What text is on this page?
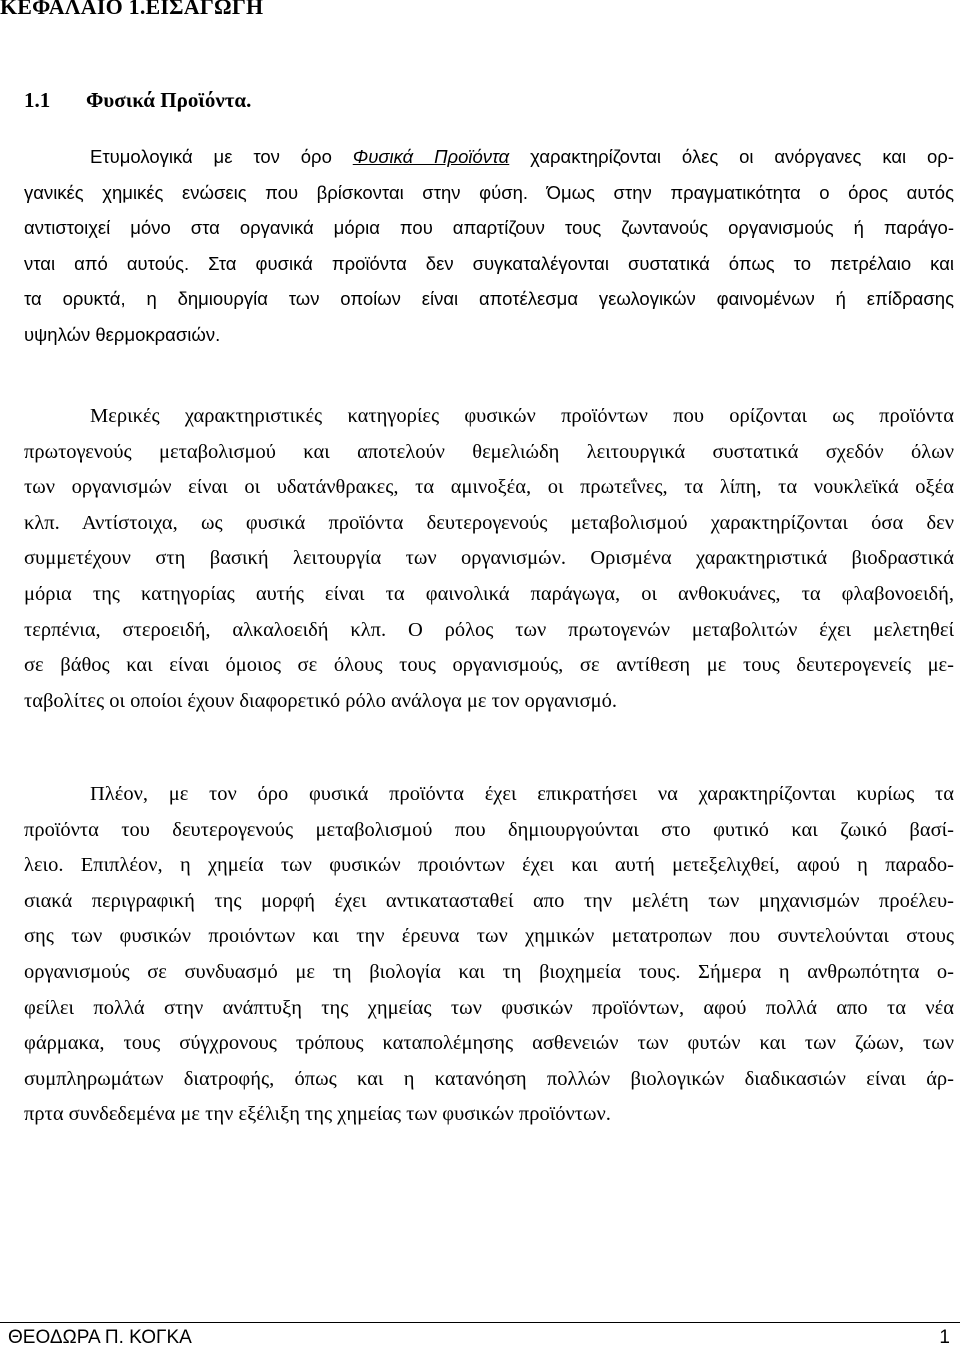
ΚΕΦΑΛΑΙΟ 1.ΕΙΣΑΓΩΓΗ
1.1 Φυσικά Προϊόντα.
Ετυμολογικά με τον όρο Φυσικά Προϊόντα χαρακτηρίζονται όλες οι ανόργανες και ορ-
γανικές χημικές ενώσεις που βρίσκονται στην φύση. Όμως στην πραγματικότητα ο όρος αυτός
αντιστοιχεί μόνο στα οργανικά μόρια που απαρτίζουν τους ζωντανούς οργανισμούς ή παράγο-
νται από αυτούς. Στα φυσικά προϊόντα δεν συγκαταλέγονται συστατικά όπως το πετρέλαιο και
τα ορυκτά, η δημιουργία των οποίων είναι αποτέλεσμα γεωλογικών φαινομένων ή επίδρασης
υψηλών θερμοκρασιών.
Μερικές χαρακτηριστικές κατηγορίες φυσικών προϊόντων που ορίζονται ως προϊόντα
πρωτογενούς μεταβολισμού και αποτελούν θεμελιώδη λειτουργικά συστατικά σχεδόν όλων
των οργανισμών είναι οι υδατάνθρακες, τα αμινοξέα, οι πρωτεΐνες, τα λίπη, τα νουκλεϊκά οξέα
κλπ. Αντίστοιχα, ως φυσικά προϊόντα δευτερογενούς μεταβολισμού χαρακτηρίζονται όσα δεν
συμμετέχουν στη βασική λειτουργία των οργανισμών. Ορισμένα χαρακτηριστικά βιοδραστικά
μόρια της κατηγορίας αυτής είναι τα φαινολικά παράγωγα, οι ανθοκυάνες, τα φλαβονοειδή,
τερπένια, στεροειδή, αλκαλοειδή κλπ. Ο ρόλος των πρωτογενών μεταβολιτών έχει μελετηθεί
σε βάθος και είναι όμοιος σε όλους τους οργανισμούς, σε αντίθεση με τους δευτερογενείς με-
ταβολίτες οι οποίοι έχουν διαφορετικό ρόλο ανάλογα με τον οργανισμό.
Πλέον, με τον όρο φυσικά προϊόντα έχει επικρατήσει να χαρακτηρίζονται κυρίως τα
προϊόντα του δευτερογενούς μεταβολισμού που δημιουργούνται στο φυτικό και ζωικό βασί-
λειο. Επιπλέον, η χημεία των φυσικών προιόντων έχει και αυτή μετεξελιχθεί, αφού η παραδο-
σιακά περιγραφική της μορφή έχει αντικατασταθεί απο την μελέτη των μηχανισμών προέλευ-
σης των φυσικών προιόντων και την έρευνα των χημικών μετατροπων που συντελούνται στους
οργανισμούς σε συνδυασμό με τη βιολογία και τη βιοχημεία τους. Σήμερα η ανθρωπότητα ο-
φείλει πολλά στην ανάπτυξη της χημείας των φυσικών προϊόντων, αφού πολλά απο τα νέα
φάρμακα, τους σύγχρονους τρόπους καταπολέμησης ασθενειών των φυτών και των ζώων, των
συμπληρωμάτων διατροφής, όπως και η κατανόηση πολλών βιολογικών διαδικασιών είναι άρ-
πρτα συνδεδεμένα με την εξέλιξη της χημείας των φυσικών προϊόντων.
ΘΕΟΔΩΡΑ Π. ΚΟΓΚΑ	1
